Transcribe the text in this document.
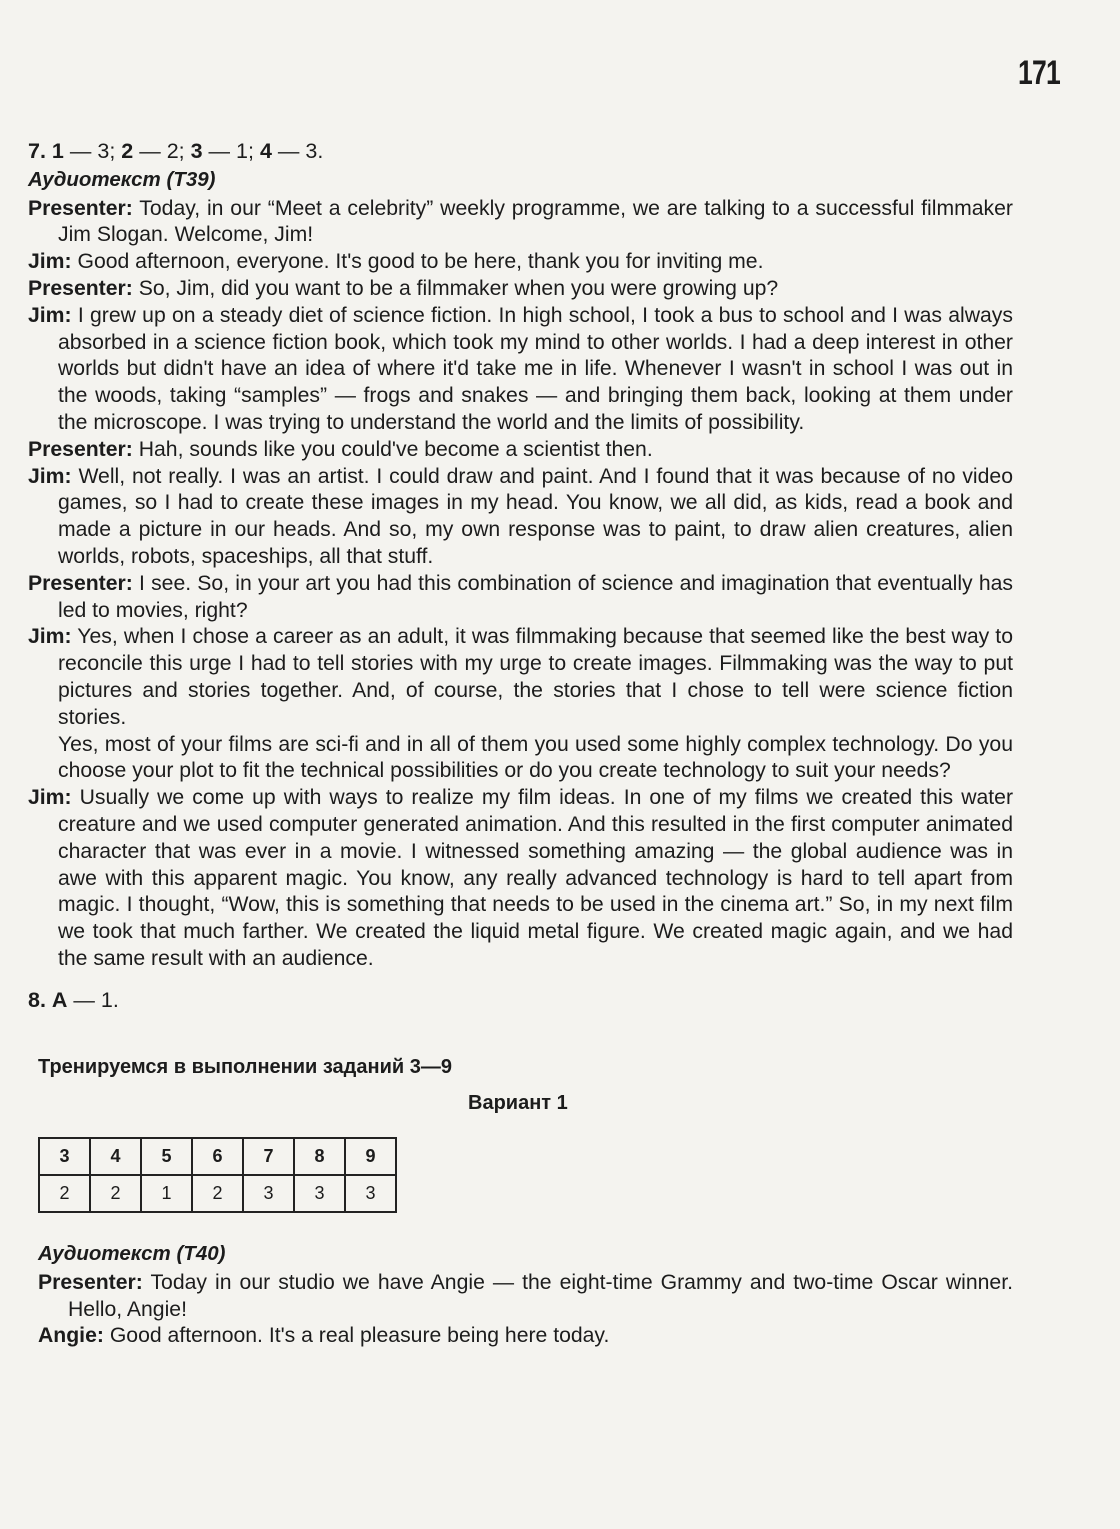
171
7. 1 — 3; 2 — 2; 3 — 1; 4 — 3.
Аудиотекст (Т39)

Presenter: Today, in our “Meet a celebrity” weekly programme, we are talking to a successful filmmaker Jim Slogan. Welcome, Jim!

Jim: Good afternoon, everyone. It's good to be here, thank you for inviting me.

Presenter: So, Jim, did you want to be a filmmaker when you were growing up?

Jim: I grew up on a steady diet of science fiction. In high school, I took a bus to school and I was always absorbed in a science fiction book, which took my mind to other worlds. I had a deep interest in other worlds but didn't have an idea of where it'd take me in life. Whenever I wasn't in school I was out in the woods, taking “samples” — frogs and snakes — and bringing them back, looking at them under the microscope. I was trying to understand the world and the limits of possibility.

Presenter: Hah, sounds like you could've become a scientist then.

Jim: Well, not really. I was an artist. I could draw and paint. And I found that it was because of no video games, so I had to create these images in my head. You know, we all did, as kids, read a book and made a picture in our heads. And so, my own response was to paint, to draw alien creatures, alien worlds, robots, spaceships, all that stuff.

Presenter: I see. So, in your art you had this combination of science and imagination that eventually has led to movies, right?

Jim: Yes, when I chose a career as an adult, it was filmmaking because that seemed like the best way to reconcile this urge I had to tell stories with my urge to create images. Filmmaking was the way to put pictures and stories together. And, of course, the stories that I chose to tell were science fiction stories.

Yes, most of your films are sci-fi and in all of them you used some highly complex technology. Do you choose your plot to fit the technical possibilities or do you create technology to suit your needs?

Jim: Usually we come up with ways to realize my film ideas. In one of my films we created this water creature and we used computer generated animation. And this resulted in the first computer animated character that was ever in a movie. I witnessed something amazing — the global audience was in awe with this apparent magic. You know, any really advanced technology is hard to tell apart from magic. I thought, “Wow, this is something that needs to be used in the cinema art.” So, in my next film we took that much farther. We created the liquid metal figure. We created magic again, and we had the same result with an audience.

8. A — 1.
Тренируемся в выполнении заданий 3—9
Вариант 1
3	4	5	6	7	8	9
2	2	1	2	3	3	3
Аудиотекст (Т40)

Presenter: Today in our studio we have Angie — the eight-time Grammy and two-time Oscar winner. Hello, Angie!

Angie: Good afternoon. It's a real pleasure being here today.
